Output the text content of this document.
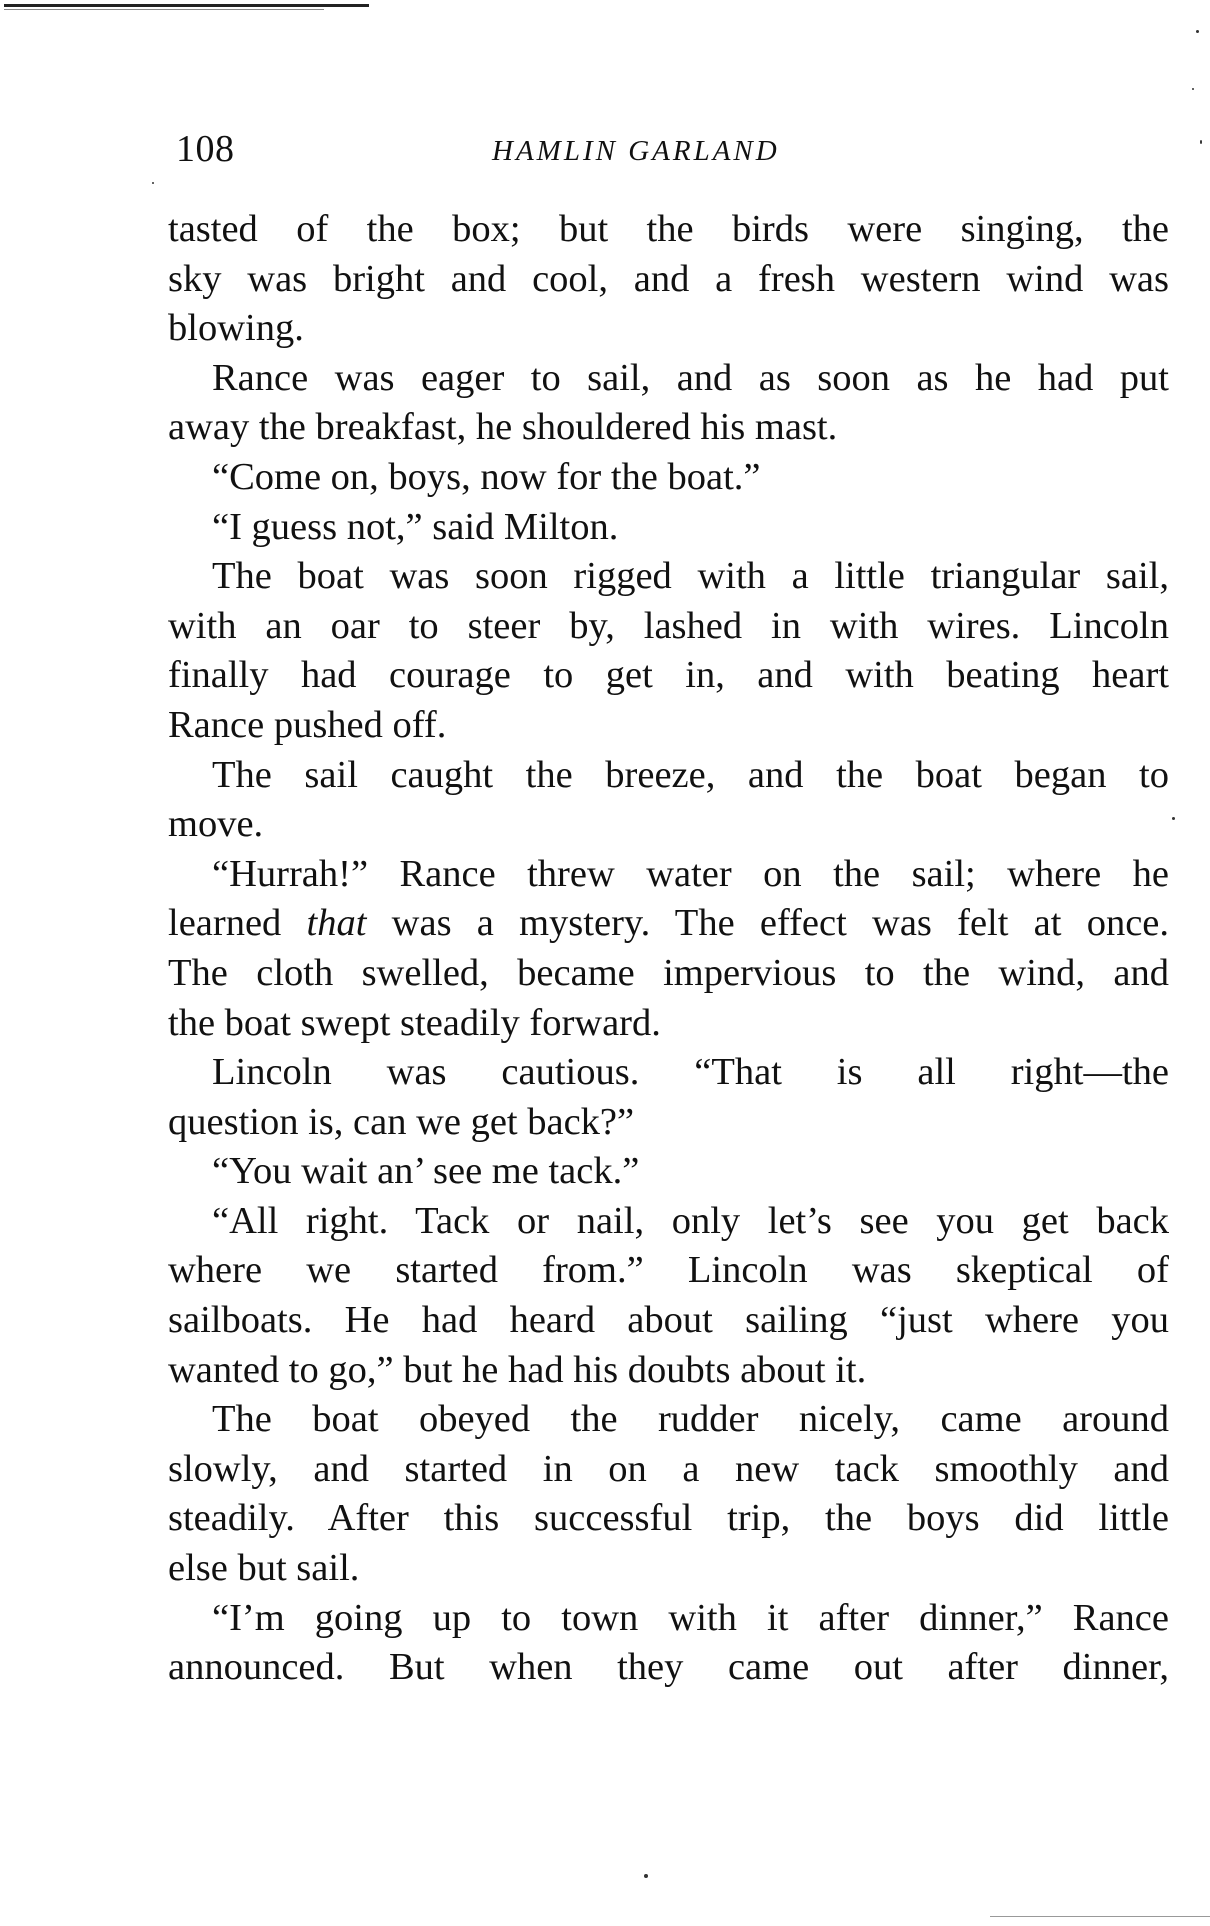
108	HAMLIN GARLAND

tasted of the box; but the birds were singing, the

sky was bright and cool, and a fresh western wind was

blowing.

Rance was eager to sail, and as soon as he had put

away the breakfast, he shouldered his mast.

“Come on, boys, now for the boat.”

“I guess not,” said Milton.

The boat was soon rigged with a little triangular sail,

with an oar to steer by, lashed in with wires. Lincoln

finally had courage to get in, and with beating heart

Rance pushed off.

The sail caught the breeze, and the boat began to

move.

“Hurrah!” Rance threw water on the sail; where he

learned that was a mystery. The effect was felt at once.

The cloth swelled, became impervious to the wind, and

the boat swept steadily forward.

Lincoln was cautious. “That is all right—the

question is, can we get back?”

“You wait an’ see me tack.”

“All right. Tack or nail, only let’s see you get back

where we started from.” Lincoln was skeptical of

sailboats. He had heard about sailing “just where you

wanted to go,” but he had his doubts about it.

The boat obeyed the rudder nicely, came around

slowly, and started in on a new tack smoothly and

steadily. After this successful trip, the boys did little

else but sail.

“I’m going up to town with it after dinner,” Rance

announced. But when they came out after dinner,
